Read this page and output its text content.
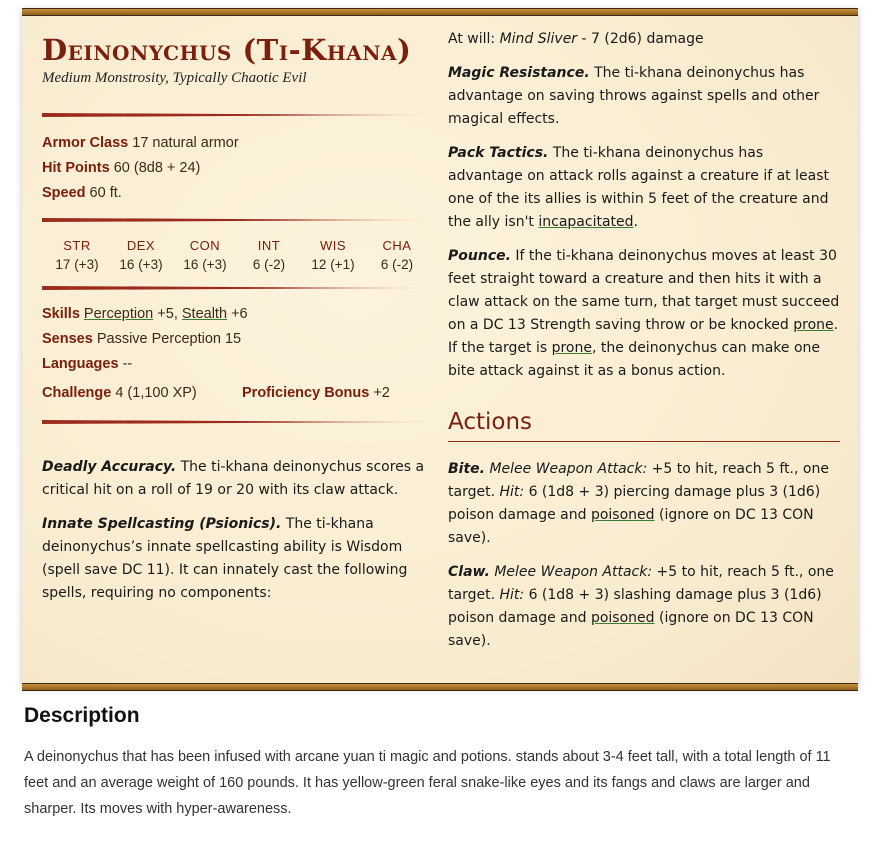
Deinonychus (Ti-Khana)

Medium Monstrosity, Typically Chaotic Evil

Armor Class 17 natural armor
Hit Points 60 (8d8 + 24)
Speed 60 ft.
STR
17 (+3)
DEX
16 (+3)
CON
16 (+3)
INT
6 (-2)
WIS
12 (+1)
CHA
6 (-2)
Skills Perception +5, Stealth +6
Senses Passive Perception 15
Languages --
Challenge 4 (1,100 XP)	Proficiency Bonus +2

Deadly Accuracy. The ti-khana deinonychus scores a critical hit on a roll of 19 or 20 with its claw attack.

Innate Spellcasting (Psionics). The ti-khana deinonychus’s innate spellcasting ability is Wisdom (spell save DC 11). It can innately cast the following spells, requiring no components:

At will: Mind Sliver - 7 (2d6) damage

Magic Resistance. The ti-khana deinonychus has advantage on saving throws against spells and other magical effects.

Pack Tactics. The ti-khana deinonychus has advantage on attack rolls against a creature if at least one of the its allies is within 5 feet of the creature and the ally isn't incapacitated.

Pounce. If the ti-khana deinonychus moves at least 30 feet straight toward a creature and then hits it with a claw attack on the same turn, that target must succeed on a DC 13 Strength saving throw or be knocked prone. If the target is prone, the deinonychus can make one bite attack against it as a bonus action.

Actions

Bite. Melee Weapon Attack: +5 to hit, reach 5 ft., one target. Hit: 6 (1d8 + 3) piercing damage plus 3 (1d6) poison damage and poisoned (ignore on DC 13 CON save).

Claw. Melee Weapon Attack: +5 to hit, reach 5 ft., one target. Hit: 6 (1d8 + 3) slashing damage plus 3 (1d6) poison damage and poisoned (ignore on DC 13 CON save).

Description

A deinonychus that has been infused with arcane yuan ti magic and potions. stands about 3-4 feet tall, with a total length of 11 feet and an average weight of 160 pounds. It has yellow-green feral snake-like eyes and its fangs and claws are larger and sharper. Its moves with hyper-awareness.
